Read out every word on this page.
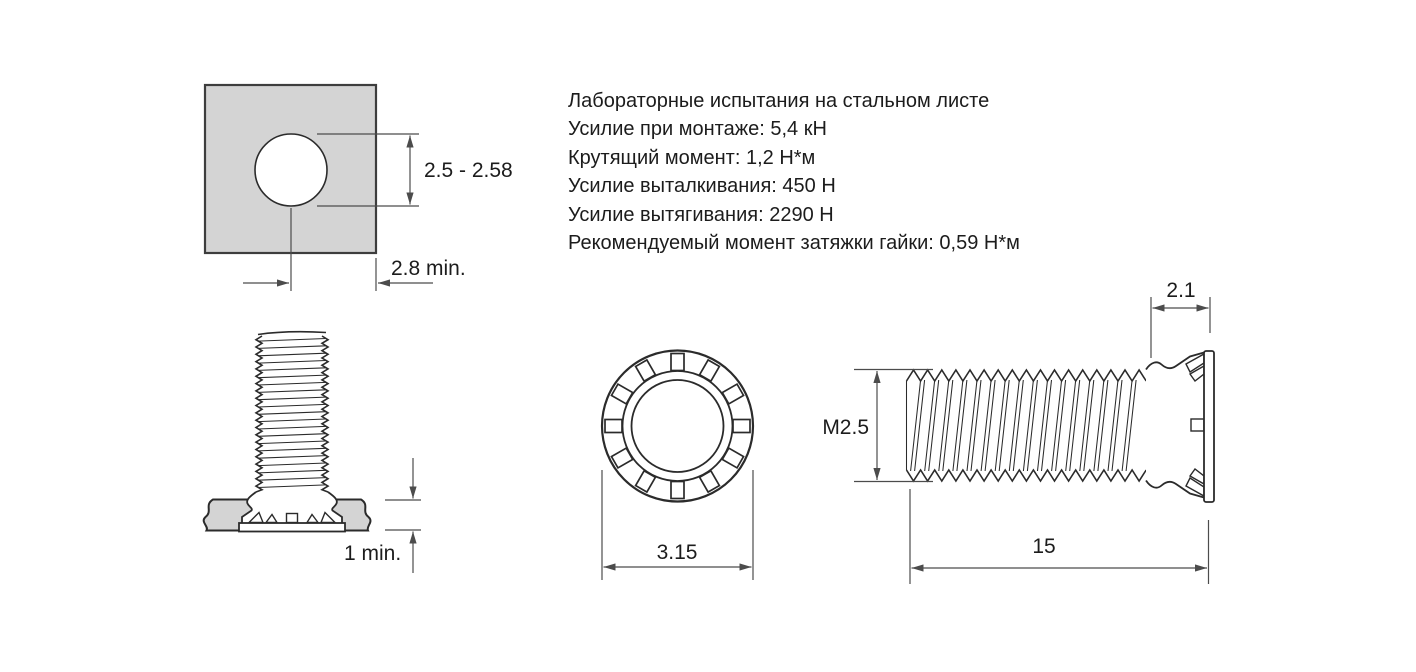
Лабораторные испытания на стальном листе
Усилие при монтаже: 5,4 кН
Крутящий момент: 1,2 Н*м
Усилие выталкивания: 450 Н
Усилие вытягивания: 2290 Н
Рекомендуемый момент затяжки гайки: 0,59 Н*м
2.5 - 2.58
2.8 min.
1 min.	3.15
M2.5
2.1
15
